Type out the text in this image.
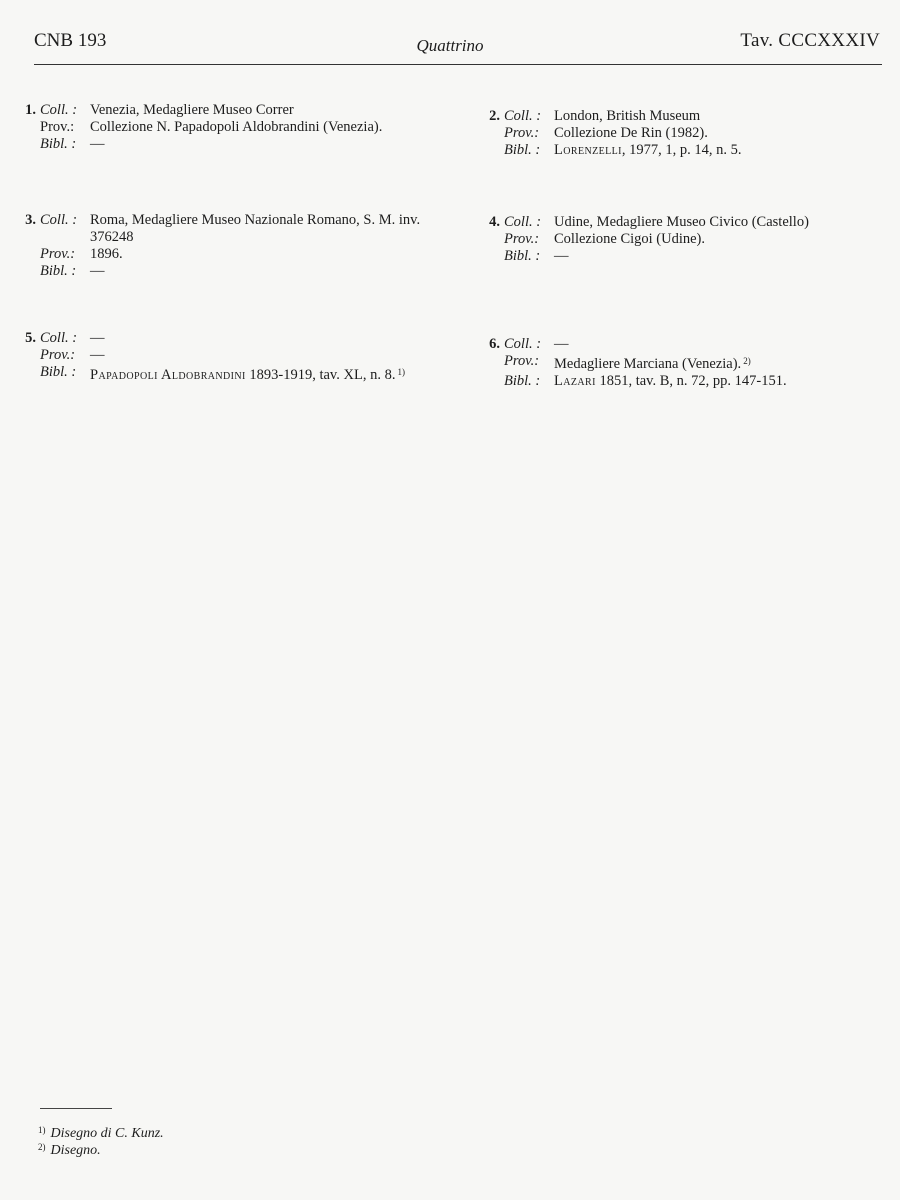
CNB 193	Quattrino	Tav. CCCXXXIV
1. Coll. : Venezia, Medagliere Museo Correr
Prov.:	Collezione N. Papadopoli Aldobrandini (Venezia).
Bibl. : —
2. Coll. : London, British Museum
Prov.:	Collezione De Rin (1982).
Bibl. : Lorenzelli, 1977, 1, p. 14, n. 5.
3. Coll. : Roma, Medagliere Museo Nazionale Romano, S. M. inv. 376248
Prov.:	1896.
Bibl. : —
4. Coll. : Udine, Medagliere Museo Civico (Castello)
Prov.:	Collezione Cigoi (Udine).
Bibl. : —
5. Coll. : —
Prov.:	—
Bibl. : Papadopoli Aldobrandini 1893-1919, tav. XL, n. 8. $^{1)}$
6. Coll. : —
Prov.:	Medagliere Marciana (Venezia). $^{2)}$
Bibl. : Lazari 1851, tav. B, n. 72, pp. 147-151.
$^{1)}$ Disegno di C. Kunz.
$^{2)}$ Disegno.
